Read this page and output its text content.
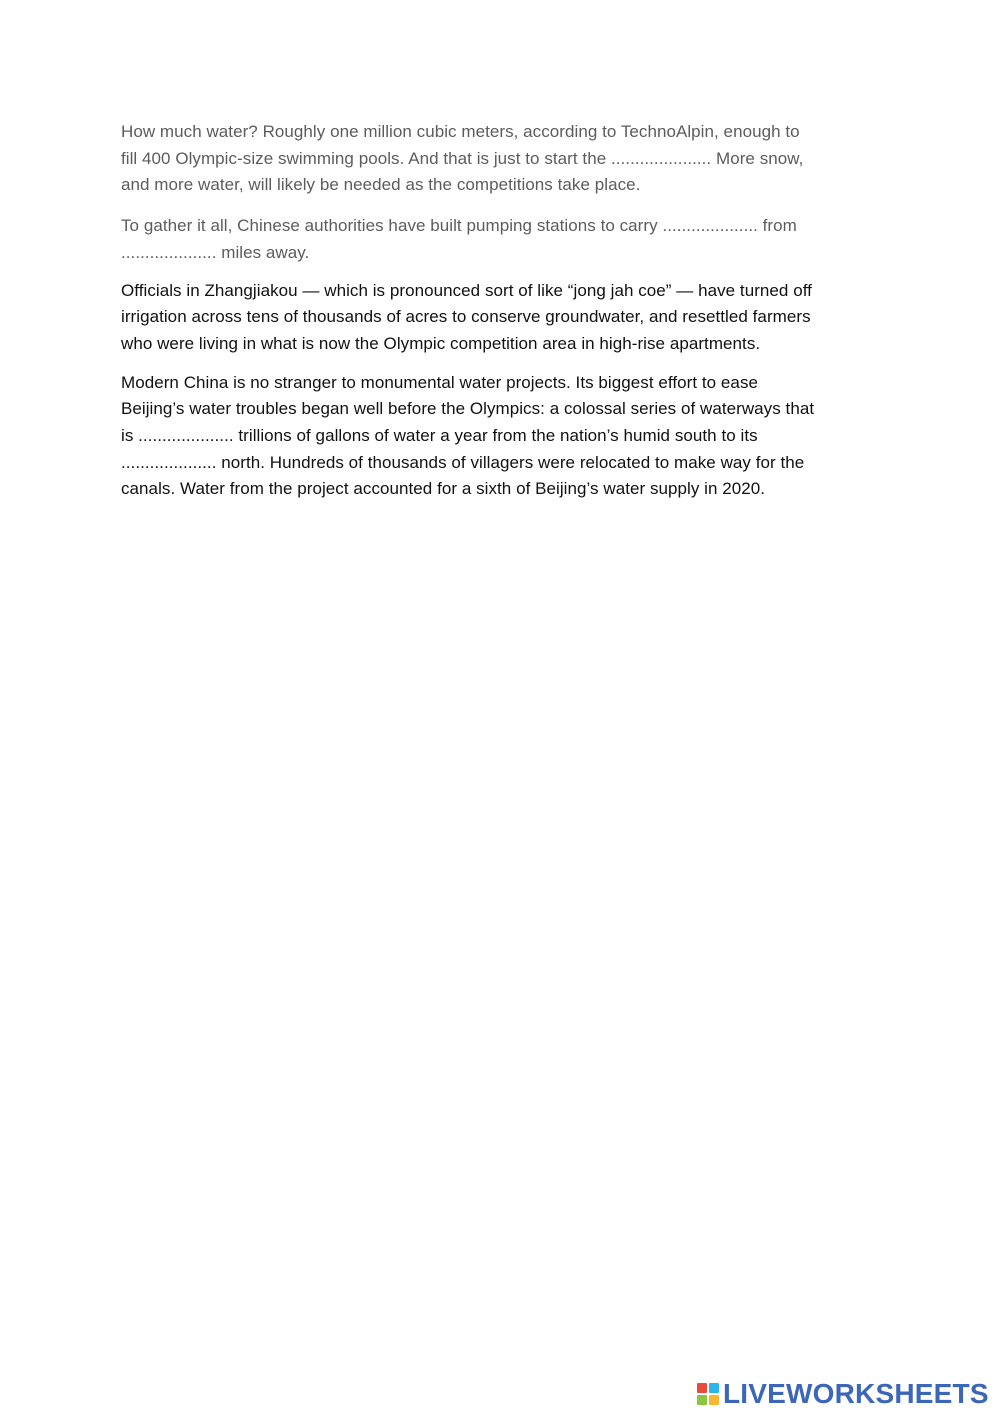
How much water? Roughly one million cubic meters, according to TechnoAlpin, enough to
fill 400 Olympic-size swimming pools. And that is just to start the ..................... More snow,
and more water, will likely be needed as the competitions take place.

To gather it all, Chinese authorities have built pumping stations to carry .................... from
.................... miles away.

Officials in Zhangjiakou — which is pronounced sort of like “jong jah coe” — have turned off
irrigation across tens of thousands of acres to conserve groundwater, and resettled farmers
who were living in what is now the Olympic competition area in high-rise apartments.

Modern China is no stranger to monumental water projects. Its biggest effort to ease
Beijing’s water troubles began well before the Olympics: a colossal series of waterways that
is .................... trillions of gallons of water a year from the nation’s humid south to its
.................... north. Hundreds of thousands of villagers were relocated to make way for the
canals. Water from the project accounted for a sixth of Beijing’s water supply in 2020.

LIVEWORKSHEETS
